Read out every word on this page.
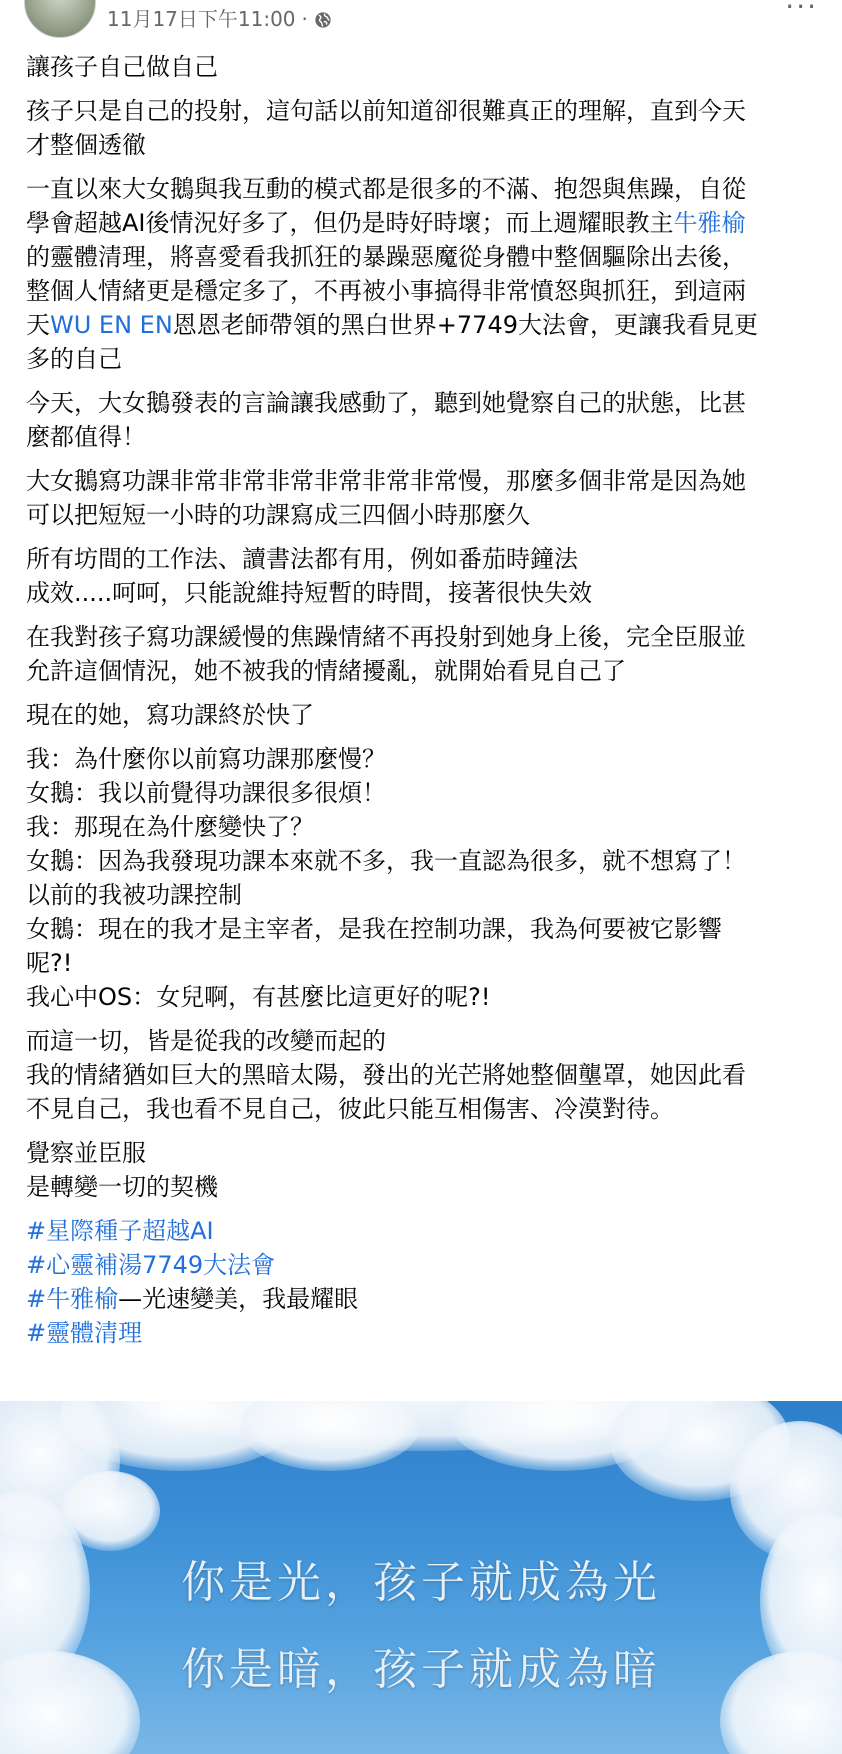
11月17日下午11:00 ·	···
讓孩子自己做自己
孩子只是自己的投射，這句話以前知道卻很難真正的理解，直到今天
才整個透徹
一直以來大女鵝與我互動的模式都是很多的不滿、抱怨與焦躁，自從
學會超越AI後情況好多了，但仍是時好時壞；而上週耀眼教主牛雅榆
的靈體清理，將喜愛看我抓狂的暴躁惡魔從身體中整個驅除出去後，
整個人情緒更是穩定多了，不再被小事搞得非常憤怒與抓狂，到這兩
天WU EN EN恩恩老師帶領的黑白世界+7749大法會，更讓我看見更
多的自己
今天，大女鵝發表的言論讓我感動了，聽到她覺察自己的狀態，比甚
麼都值得！
大女鵝寫功課非常非常非常非常非常非常慢，那麼多個非常是因為她
可以把短短一小時的功課寫成三四個小時那麼久
所有坊間的工作法、讀書法都有用，例如番茄時鐘法
成效.....呵呵，只能說維持短暫的時間，接著很快失效
在我對孩子寫功課緩慢的焦躁情緒不再投射到她身上後，完全臣服並
允許這個情況，她不被我的情緒擾亂，就開始看見自己了
現在的她，寫功課終於快了
我：為什麼你以前寫功課那麼慢？
女鵝：我以前覺得功課很多很煩！
我：那現在為什麼變快了？
女鵝：因為我發現功課本來就不多，我一直認為很多，就不想寫了！
以前的我被功課控制
女鵝：現在的我才是主宰者，是我在控制功課，我為何要被它影響
呢?!
我心中OS：女兒啊，有甚麼比這更好的呢?!
而這一切，皆是從我的改變而起的
我的情緒猶如巨大的黑暗太陽，發出的光芒將她整個壟罩，她因此看
不見自己，我也看不見自己，彼此只能互相傷害、冷漠對待。
覺察並臣服
是轉變一切的契機
#星際種子超越AI
#心靈補湯7749大法會
#牛雅榆—光速變美，我最耀眼
#靈體清理
你是光，孩子就成為光
你是暗，孩子就成為暗
